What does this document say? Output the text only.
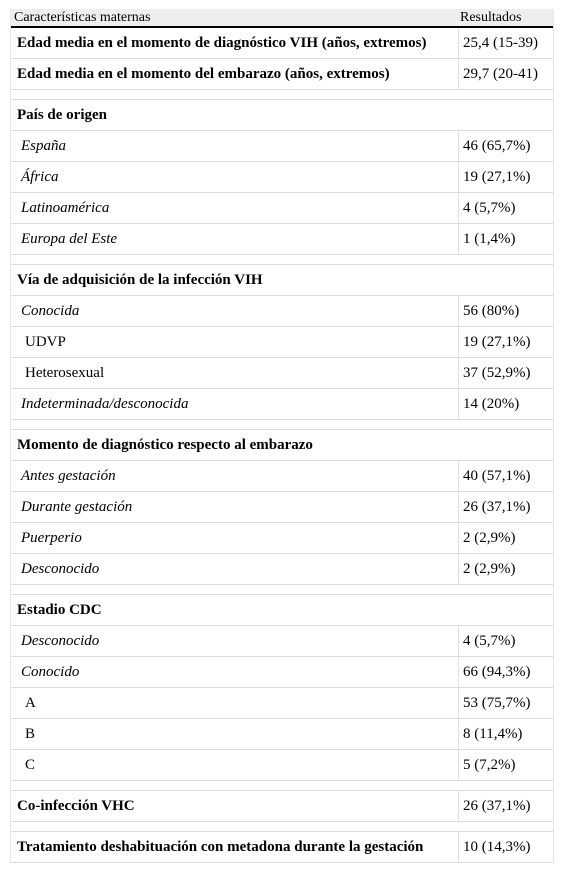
Características maternas	Resultados
Edad media en el momento de diagnóstico VIH (años, extremos)	25,4 (15-39)
Edad media en el momento del embarazo (años, extremos)	29,7 (20-41)
País de origen
España	46 (65,7%)
África	19 (27,1%)
Latinoamérica	4 (5,7%)
Europa del Este	1 (1,4%)
Vía de adquisición de la infección VIH
Conocida	56 (80%)
UDVP	19 (27,1%)
Heterosexual	37 (52,9%)
Indeterminada/desconocida	14 (20%)
Momento de diagnóstico respecto al embarazo
Antes gestación	40 (57,1%)
Durante gestación	26 (37,1%)
Puerperio	2 (2,9%)
Desconocido	2 (2,9%)
Estadio CDC
Desconocido	4 (5,7%)
Conocido	66 (94,3%)
A	53 (75,7%)
B	8 (11,4%)
C	5 (7,2%)
Co-infección VHC	26 (37,1%)
Tratamiento deshabituación con metadona durante la gestación	10 (14,3%)
